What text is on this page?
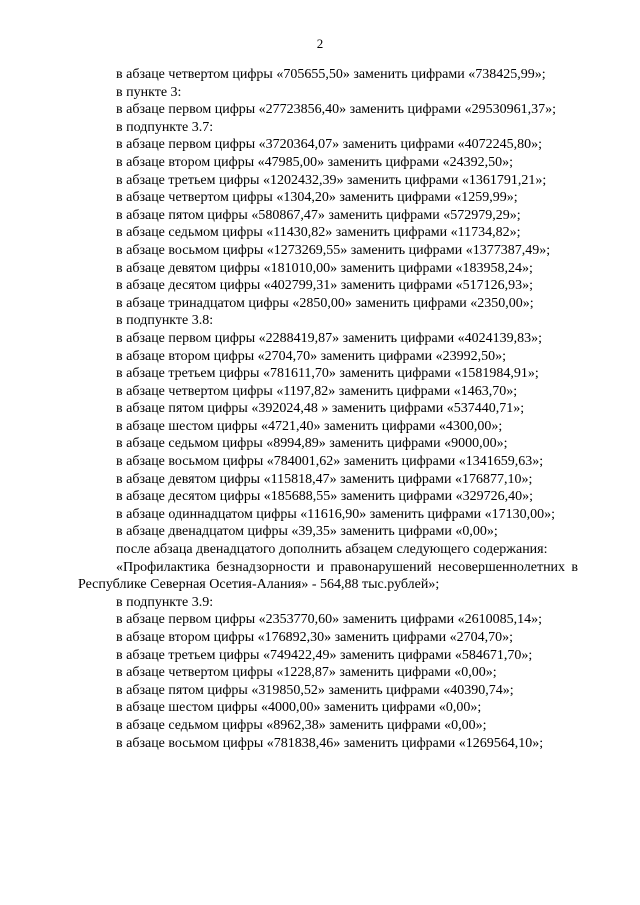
2

в абзаце четвертом цифры «705655,50» заменить цифрами «738425,99»;

в пункте 3:

в абзаце первом цифры «27723856,40» заменить цифрами «29530961,37»;

в подпункте 3.7:

в абзаце первом цифры «3720364,07» заменить цифрами «4072245,80»;

в абзаце втором цифры «47985,00» заменить цифрами «24392,50»;

в абзаце третьем цифры «1202432,39» заменить цифрами «1361791,21»;

в абзаце четвертом цифры «1304,20» заменить цифрами «1259,99»;

в абзаце пятом цифры «580867,47» заменить цифрами «572979,29»;

в абзаце седьмом цифры «11430,82» заменить цифрами «11734,82»;

в абзаце восьмом цифры «1273269,55» заменить цифрами «1377387,49»;

в абзаце девятом цифры «181010,00» заменить цифрами «183958,24»;

в абзаце десятом цифры «402799,31» заменить цифрами «517126,93»;

в абзаце тринадцатом цифры «2850,00» заменить цифрами «2350,00»;

в подпункте 3.8:

в абзаце первом цифры «2288419,87» заменить цифрами «4024139,83»;

в абзаце втором цифры «2704,70» заменить цифрами «23992,50»;

в абзаце третьем цифры «781611,70» заменить цифрами «1581984,91»;

в абзаце четвертом цифры «1197,82» заменить цифрами «1463,70»;

в абзаце пятом цифры «392024,48 » заменить цифрами «537440,71»;

в абзаце шестом цифры «4721,40» заменить цифрами «4300,00»;

в абзаце седьмом цифры «8994,89» заменить цифрами «9000,00»;

в абзаце восьмом цифры «784001,62» заменить цифрами «1341659,63»;

в абзаце девятом цифры «115818,47» заменить цифрами «176877,10»;

в абзаце десятом цифры «185688,55» заменить цифрами «329726,40»;

в абзаце одиннадцатом цифры «11616,90» заменить цифрами «17130,00»;

в абзаце двенадцатом цифры «39,35» заменить цифрами «0,00»;

после абзаца двенадцатого дополнить абзацем следующего содержания:

«Профилактика безнадзорности и правонарушений несовершеннолетних в Республике Северная Осетия-Алания» - 564,88 тыс.рублей»;

в подпункте 3.9:

в абзаце первом цифры «2353770,60» заменить цифрами «2610085,14»;

в абзаце втором цифры «176892,30» заменить цифрами «2704,70»;

в абзаце третьем цифры «749422,49» заменить цифрами «584671,70»;

в абзаце четвертом цифры «1228,87» заменить цифрами «0,00»;

в абзаце пятом цифры «319850,52» заменить цифрами «40390,74»;

в абзаце шестом цифры «4000,00» заменить цифрами «0,00»;

в абзаце седьмом цифры «8962,38» заменить цифрами «0,00»;

в абзаце восьмом цифры «781838,46» заменить цифрами «1269564,10»;
